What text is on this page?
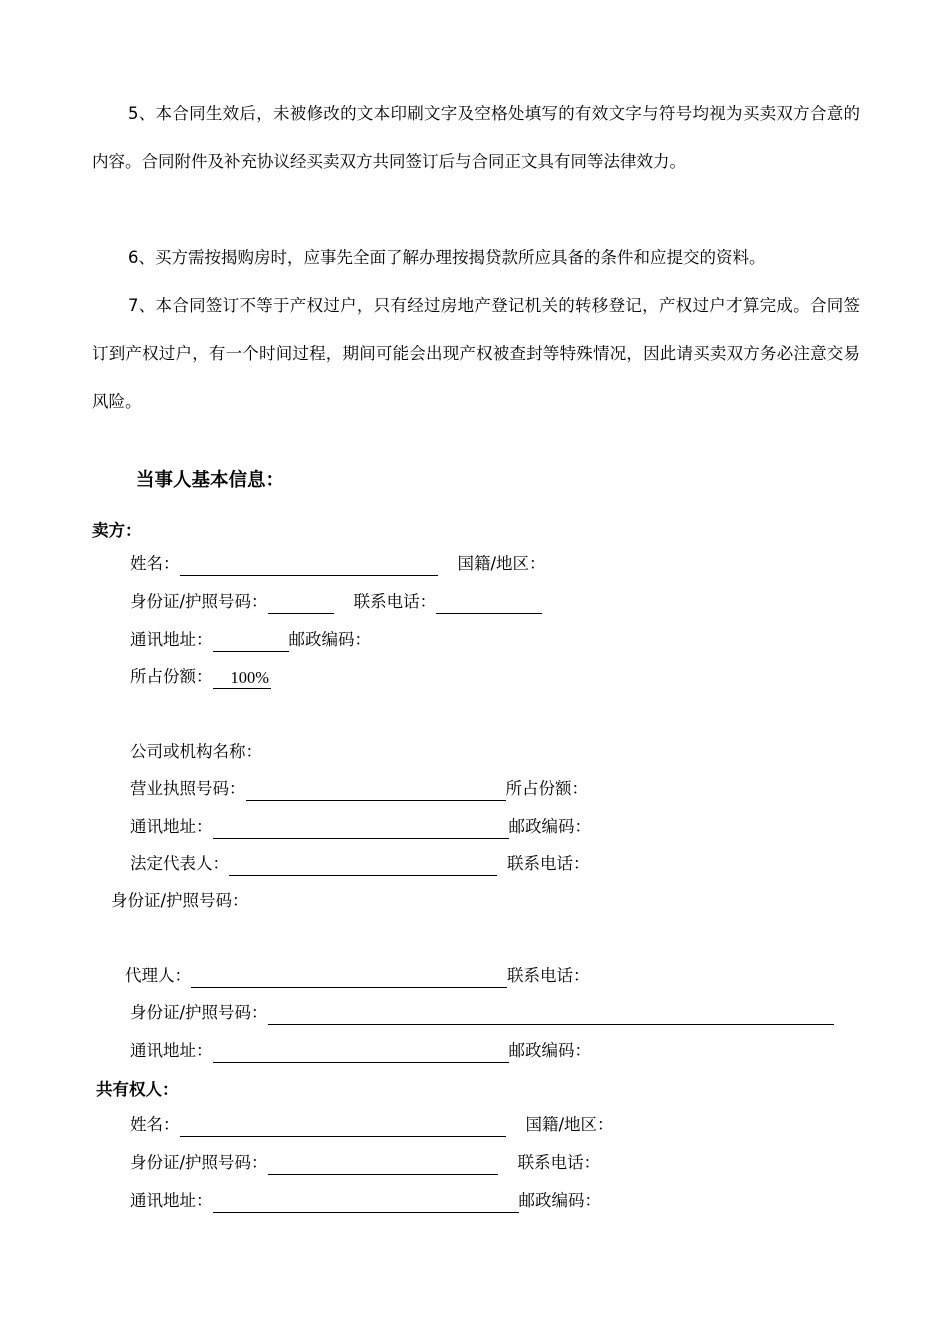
5、本合同生效后，未被修改的文本印刷文字及空格处填写的有效文字与符号均视为买卖双方合意的内容。合同附件及补充协议经买卖双方共同签订后与合同正文具有同等法律效力。

6、买方需按揭购房时，应事先全面了解办理按揭贷款所应具备的条件和应提交的资料。

7、本合同签订不等于产权过户，只有经过房地产登记机关的转移登记，产权过户才算完成。合同签订到产权过户，有一个时间过程，期间可能会出现产权被查封等特殊情况，因此请买卖双方务必注意交易风险。

当事人基本信息：
卖方：
姓名：	国籍/地区：
身份证/护照号码：	联系电话：
通讯地址：	邮政编码：
所占份额： 100%
公司或机构名称：
营业执照号码：	所占份额：
通讯地址：	邮政编码：
法定代表人：	联系电话：
身份证/护照号码：
代理人：	联系电话：
身份证/护照号码：
通讯地址：	邮政编码：
共有权人：
姓名：	国籍/地区：
身份证/护照号码：	联系电话：
通讯地址：	邮政编码：
